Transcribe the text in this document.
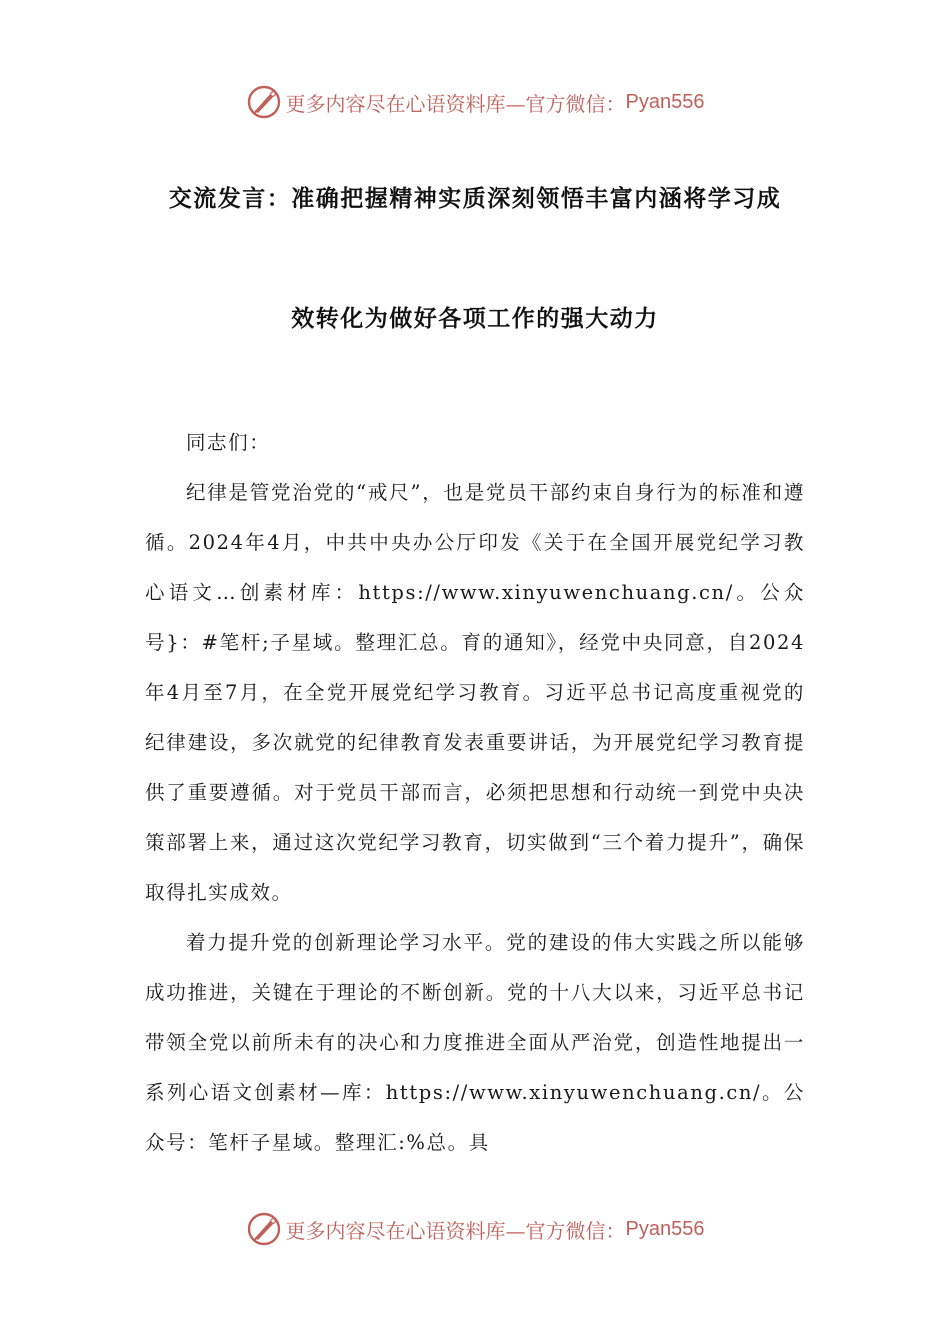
更多内容尽在心语资料库—官方微信： Pyan556
交流发言：准确把握精神实质深刻领悟丰富内涵将学习成
效转化为做好各项工作的强大动力

同志们：

纪律是管党治党的“戒尺”，也是党员干部约束自身行为的标准和遵循。2024年4月，中共中央办公厅印发《关于在全国开展党纪学习教心语文…创素材库：https://www.xinyuwenchuang.cn/。公众号}：#笔杆;子星域。整理汇总。育的通知》，经党中央同意，自2024年4月至7月，在全党开展党纪学习教育。习近平总书记高度重视党的纪律建设，多次就党的纪律教育发表重要讲话，为开展党纪学习教育提供了重要遵循。对于党员干部而言，必须把思想和行动统一到党中央决策部署上来，通过这次党纪学习教育，切实做到“三个着力提升”，确保取得扎实成效。

着力提升党的创新理论学习水平。党的建设的伟大实践之所以能够成功推进，关键在于理论的不断创新。党的十八大以来，习近平总书记带领全党以前所未有的决心和力度推进全面从严治党，创造性地提出一系列心语文创素材—库：https://www.xinyuwenchuang.cn/。公众号：笔杆子星域。整理汇:%总。具

更多内容尽在心语资料库—官方微信： Pyan556
